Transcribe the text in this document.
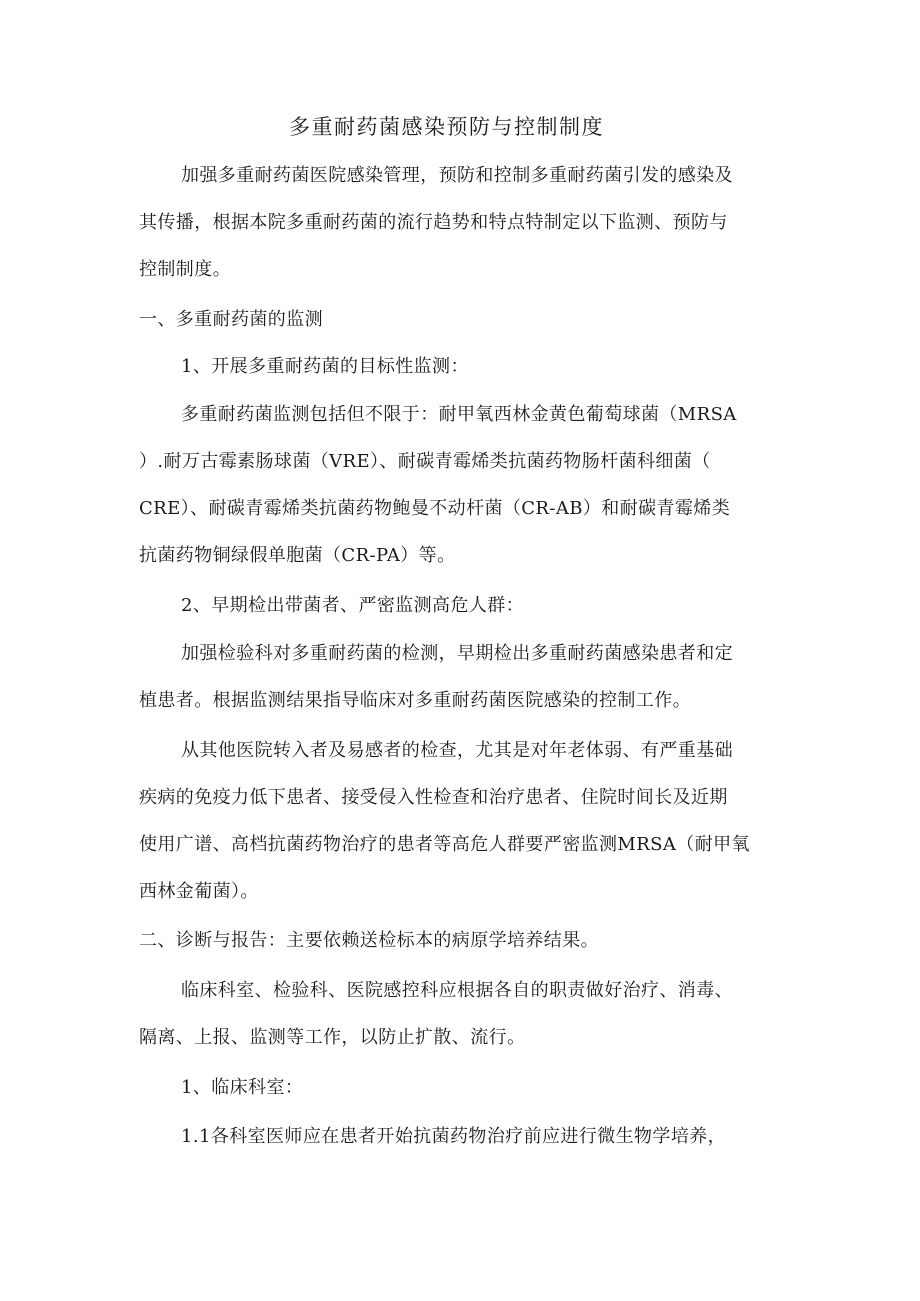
多重耐药菌感染预防与控制制度

加强多重耐药菌医院感染管理，预防和控制多重耐药菌引发的感染及

其传播，根据本院多重耐药菌的流行趋势和特点特制定以下监测、预防与

控制制度。

一、多重耐药菌的监测

1、开展多重耐药菌的目标性监测：

多重耐药菌监测包括但不限于：耐甲氧西林金黄色葡萄球菌（MRSA

）.耐万古霉素肠球菌（VRE）、耐碳青霉烯类抗菌药物肠杆菌科细菌（

CRE）、耐碳青霉烯类抗菌药物鲍曼不动杆菌（CR-AB）和耐碳青霉烯类

抗菌药物铜绿假单胞菌（CR-PA）等。

2、早期检出带菌者、严密监测高危人群：

加强检验科对多重耐药菌的检测，早期检出多重耐药菌感染患者和定

植患者。根据监测结果指导临床对多重耐药菌医院感染的控制工作。

从其他医院转入者及易感者的检查，尤其是对年老体弱、有严重基础

疾病的免疫力低下患者、接受侵入性检查和治疗患者、住院时间长及近期

使用广谱、高档抗菌药物治疗的患者等高危人群要严密监测MRSA（耐甲氧

西林金葡菌）。

二、诊断与报告：主要依赖送检标本的病原学培养结果。

临床科室、检验科、医院感控科应根据各自的职责做好治疗、消毒、

隔离、上报、监测等工作，以防止扩散、流行。

1、临床科室：

1.1各科室医师应在患者开始抗菌药物治疗前应进行微生物学培养，
